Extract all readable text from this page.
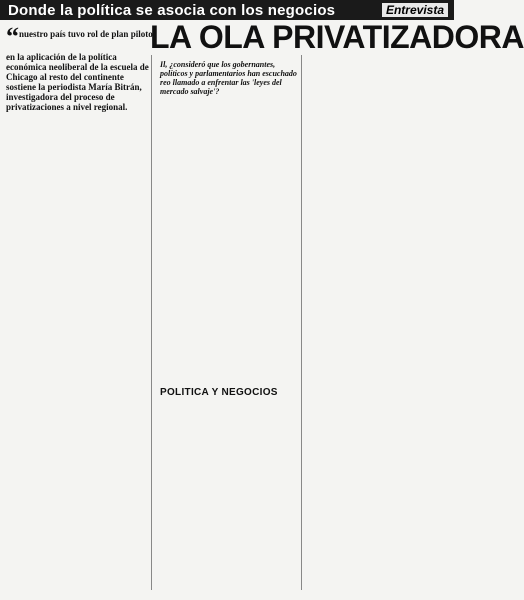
Donde la política se asocia con los negocios	Entrevista
LA OLA PRIVATIZADORA
“nuestro país tuvo rol de plan piloto en la aplicación de la política económica neoliberal de la escuela de Chicago al resto del continente sostiene la periodista María Bitrán, investigadora del proceso de privatizaciones a nivel regional.
Il, ¿consideró que los gobernantes, políticos y parlamentarios han escuchado reo llamado a enfrentar las 'leyes del mercado salvaje'?
POLITICA Y NEGOCIOS
